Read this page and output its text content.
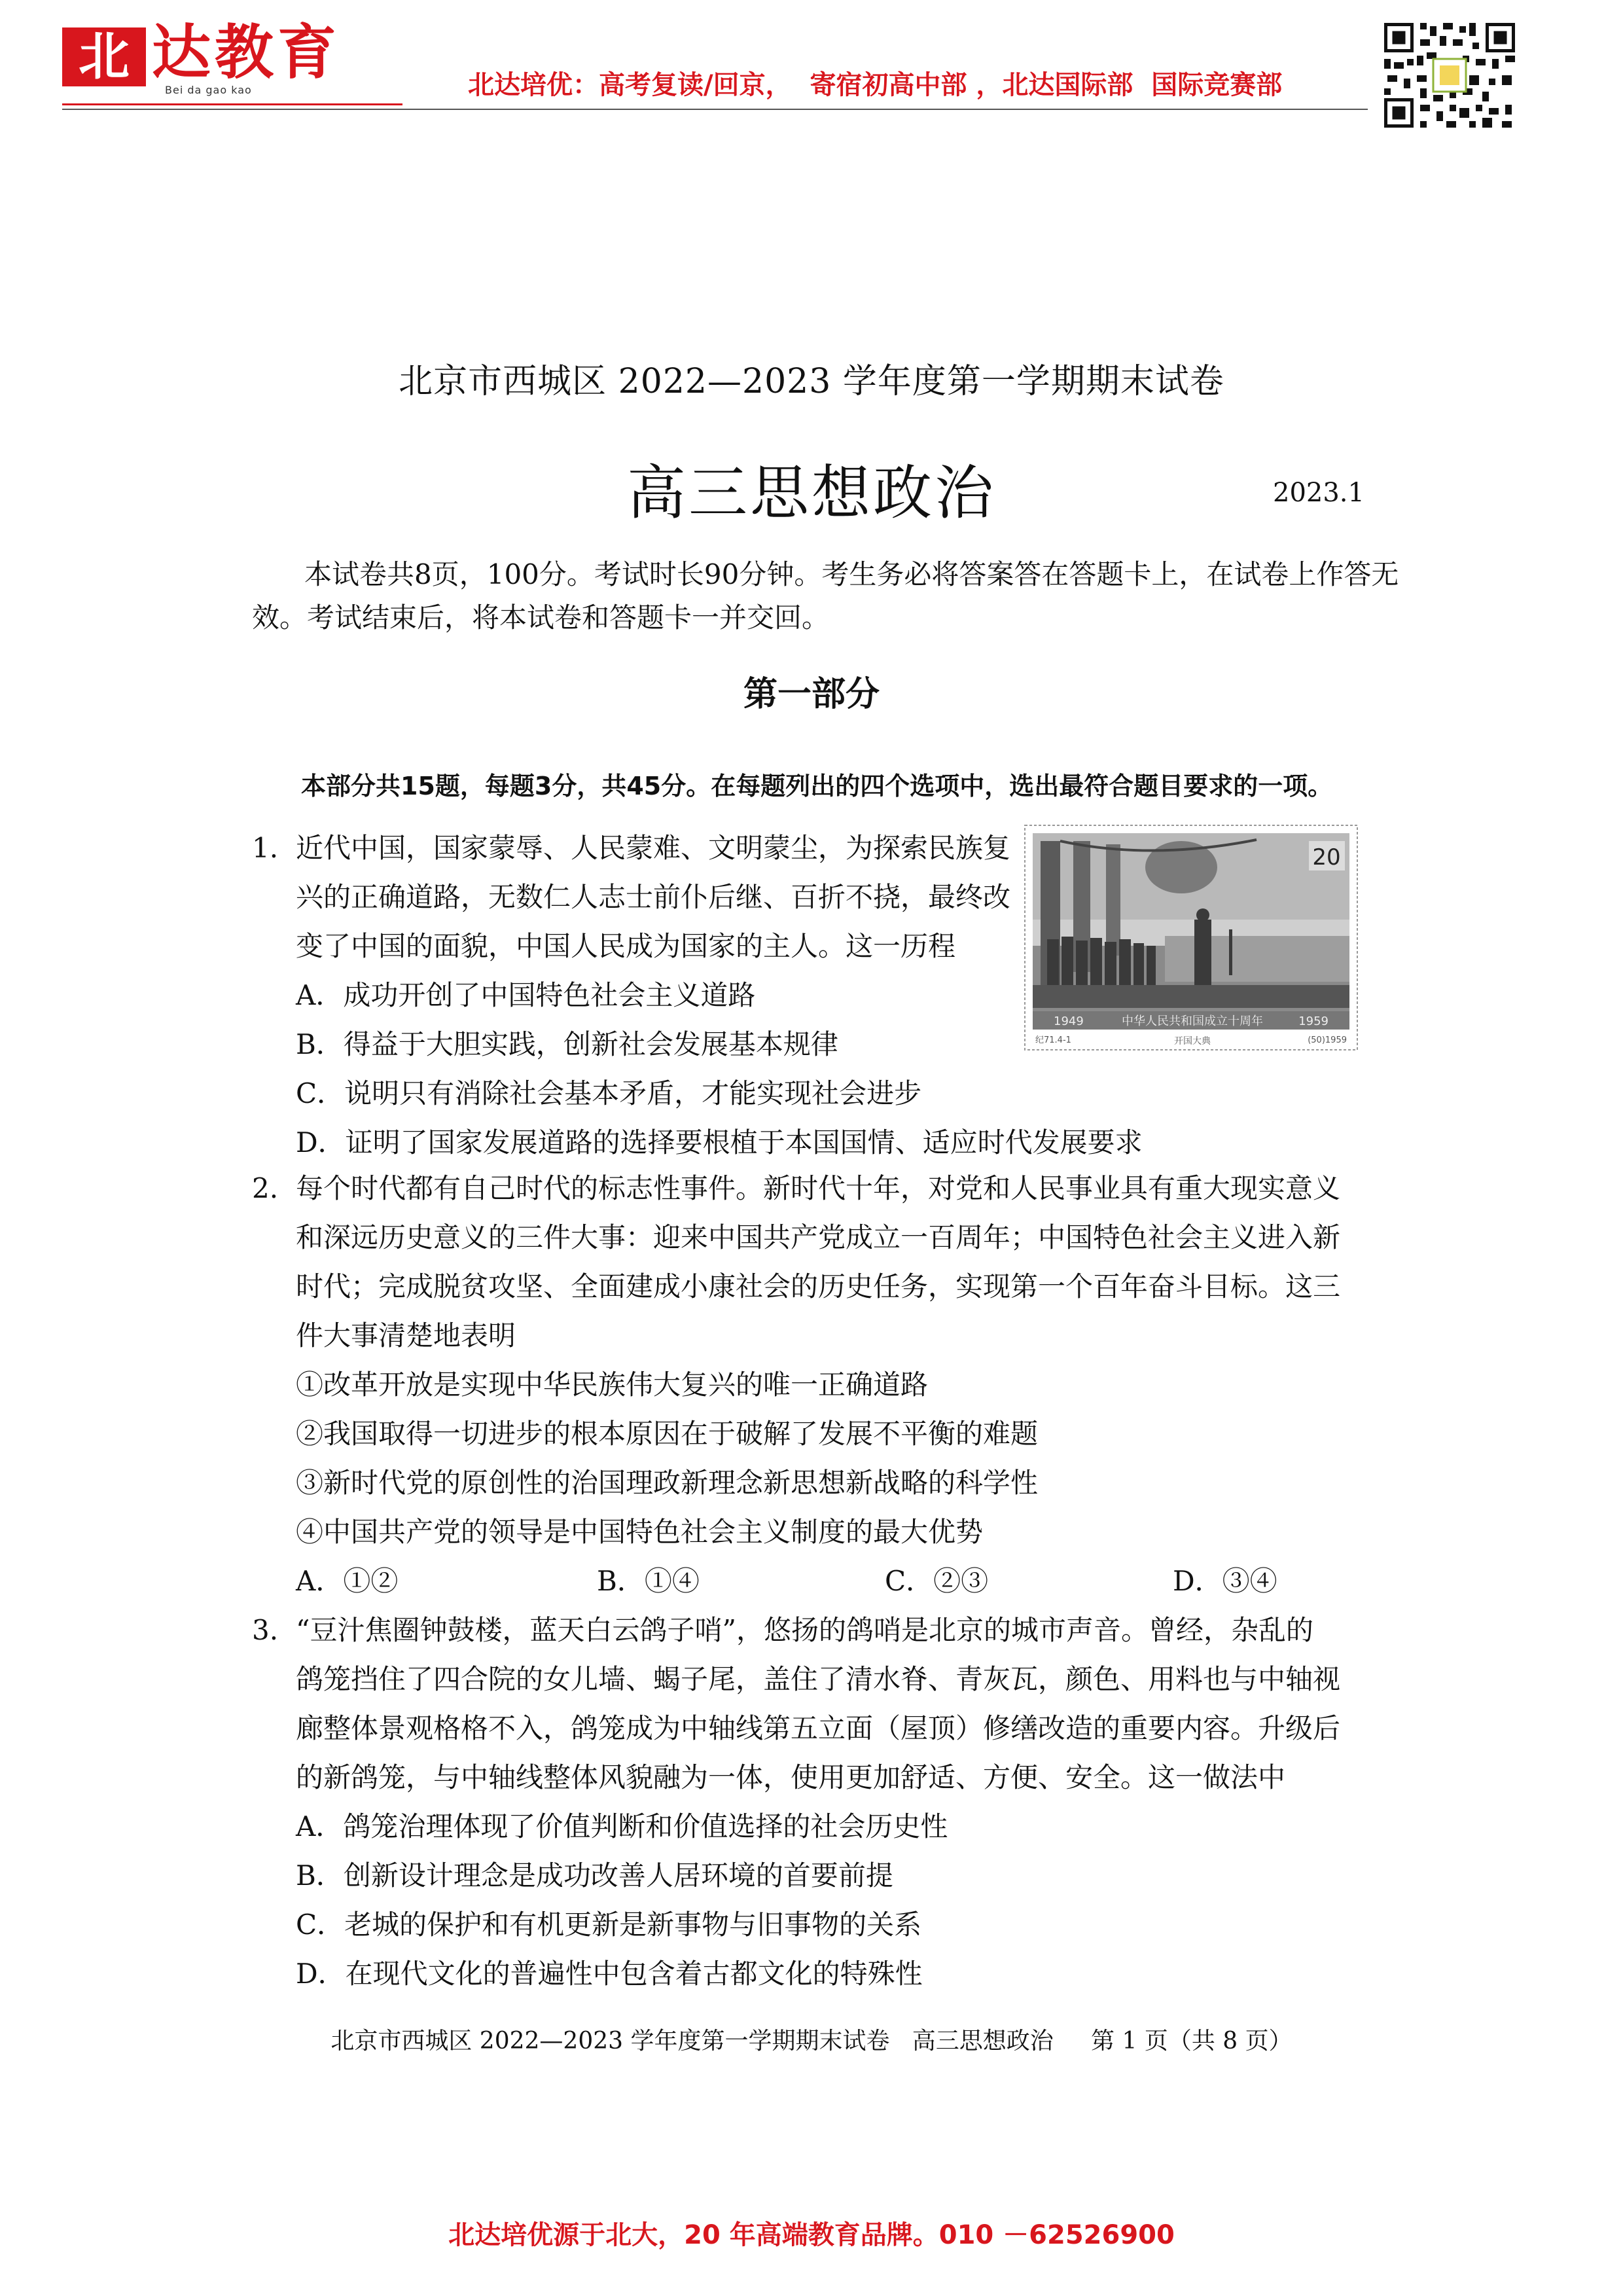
北 达教育
Bei da gao kao	北达培优：高考复读/回京，  寄宿初高中部 ，北达国际部  国际竞赛部
北京市西城区 2022—2023 学年度第一学期期末试卷
高三思想政治	2023.1
本试卷共8页，100分。考试时长90分钟。考生务必将答案答在答题卡上，在试卷上作答无
效。考试结束后，将本试卷和答题卡一并交回。
第一部分
本部分共15题，每题3分，共45分。在每题列出的四个选项中，选出最符合题目要求的一项。
1. 近代中国，国家蒙辱、人民蒙难、文明蒙尘，为探索民族复
兴的正确道路，无数仁人志士前仆后继、百折不挠，最终改
变了中国的面貌，中国人民成为国家的主人。这一历程
A．成功开创了中国特色社会主义道路
B．得益于大胆实践，创新社会发展基本规律
C．说明只有消除社会基本矛盾，才能实现社会进步
D．证明了国家发展道路的选择要根植于本国国情、适应时代发展要求
20
1949	中华人民共和国成立十周年	1959
纪71.4-1	开国大典	(50)1959
2. 每个时代都有自己时代的标志性事件。新时代十年，对党和人民事业具有重大现实意义
和深远历史意义的三件大事：迎来中国共产党成立一百周年；中国特色社会主义进入新
时代；完成脱贫攻坚、全面建成小康社会的历史任务，实现第一个百年奋斗目标。这三
件大事清楚地表明
①改革开放是实现中华民族伟大复兴的唯一正确道路
②我国取得一切进步的根本原因在于破解了发展不平衡的难题
③新时代党的原创性的治国理政新理念新思想新战略的科学性
④中国共产党的领导是中国特色社会主义制度的最大优势
A．①②	B．①④	C．②③	D．③④
3. “豆汁焦圈钟鼓楼，蓝天白云鸽子哨”，悠扬的鸽哨是北京的城市声音。曾经，杂乱的
鸽笼挡住了四合院的女儿墙、蝎子尾，盖住了清水脊、青灰瓦，颜色、用料也与中轴视
廊整体景观格格不入，鸽笼成为中轴线第五立面（屋顶）修缮改造的重要内容。升级后
的新鸽笼，与中轴线整体风貌融为一体，使用更加舒适、方便、安全。这一做法中
A．鸽笼治理体现了价值判断和价值选择的社会历史性
B．创新设计理念是成功改善人居环境的首要前提
C．老城的保护和有机更新是新事物与旧事物的关系
D．在现代文化的普遍性中包含着古都文化的特殊性
北京市西城区 2022—2023 学年度第一学期期末试卷   高三思想政治     第 1 页（共 8 页）
北达培优源于北大，20 年高端教育品牌。010 －62526900
